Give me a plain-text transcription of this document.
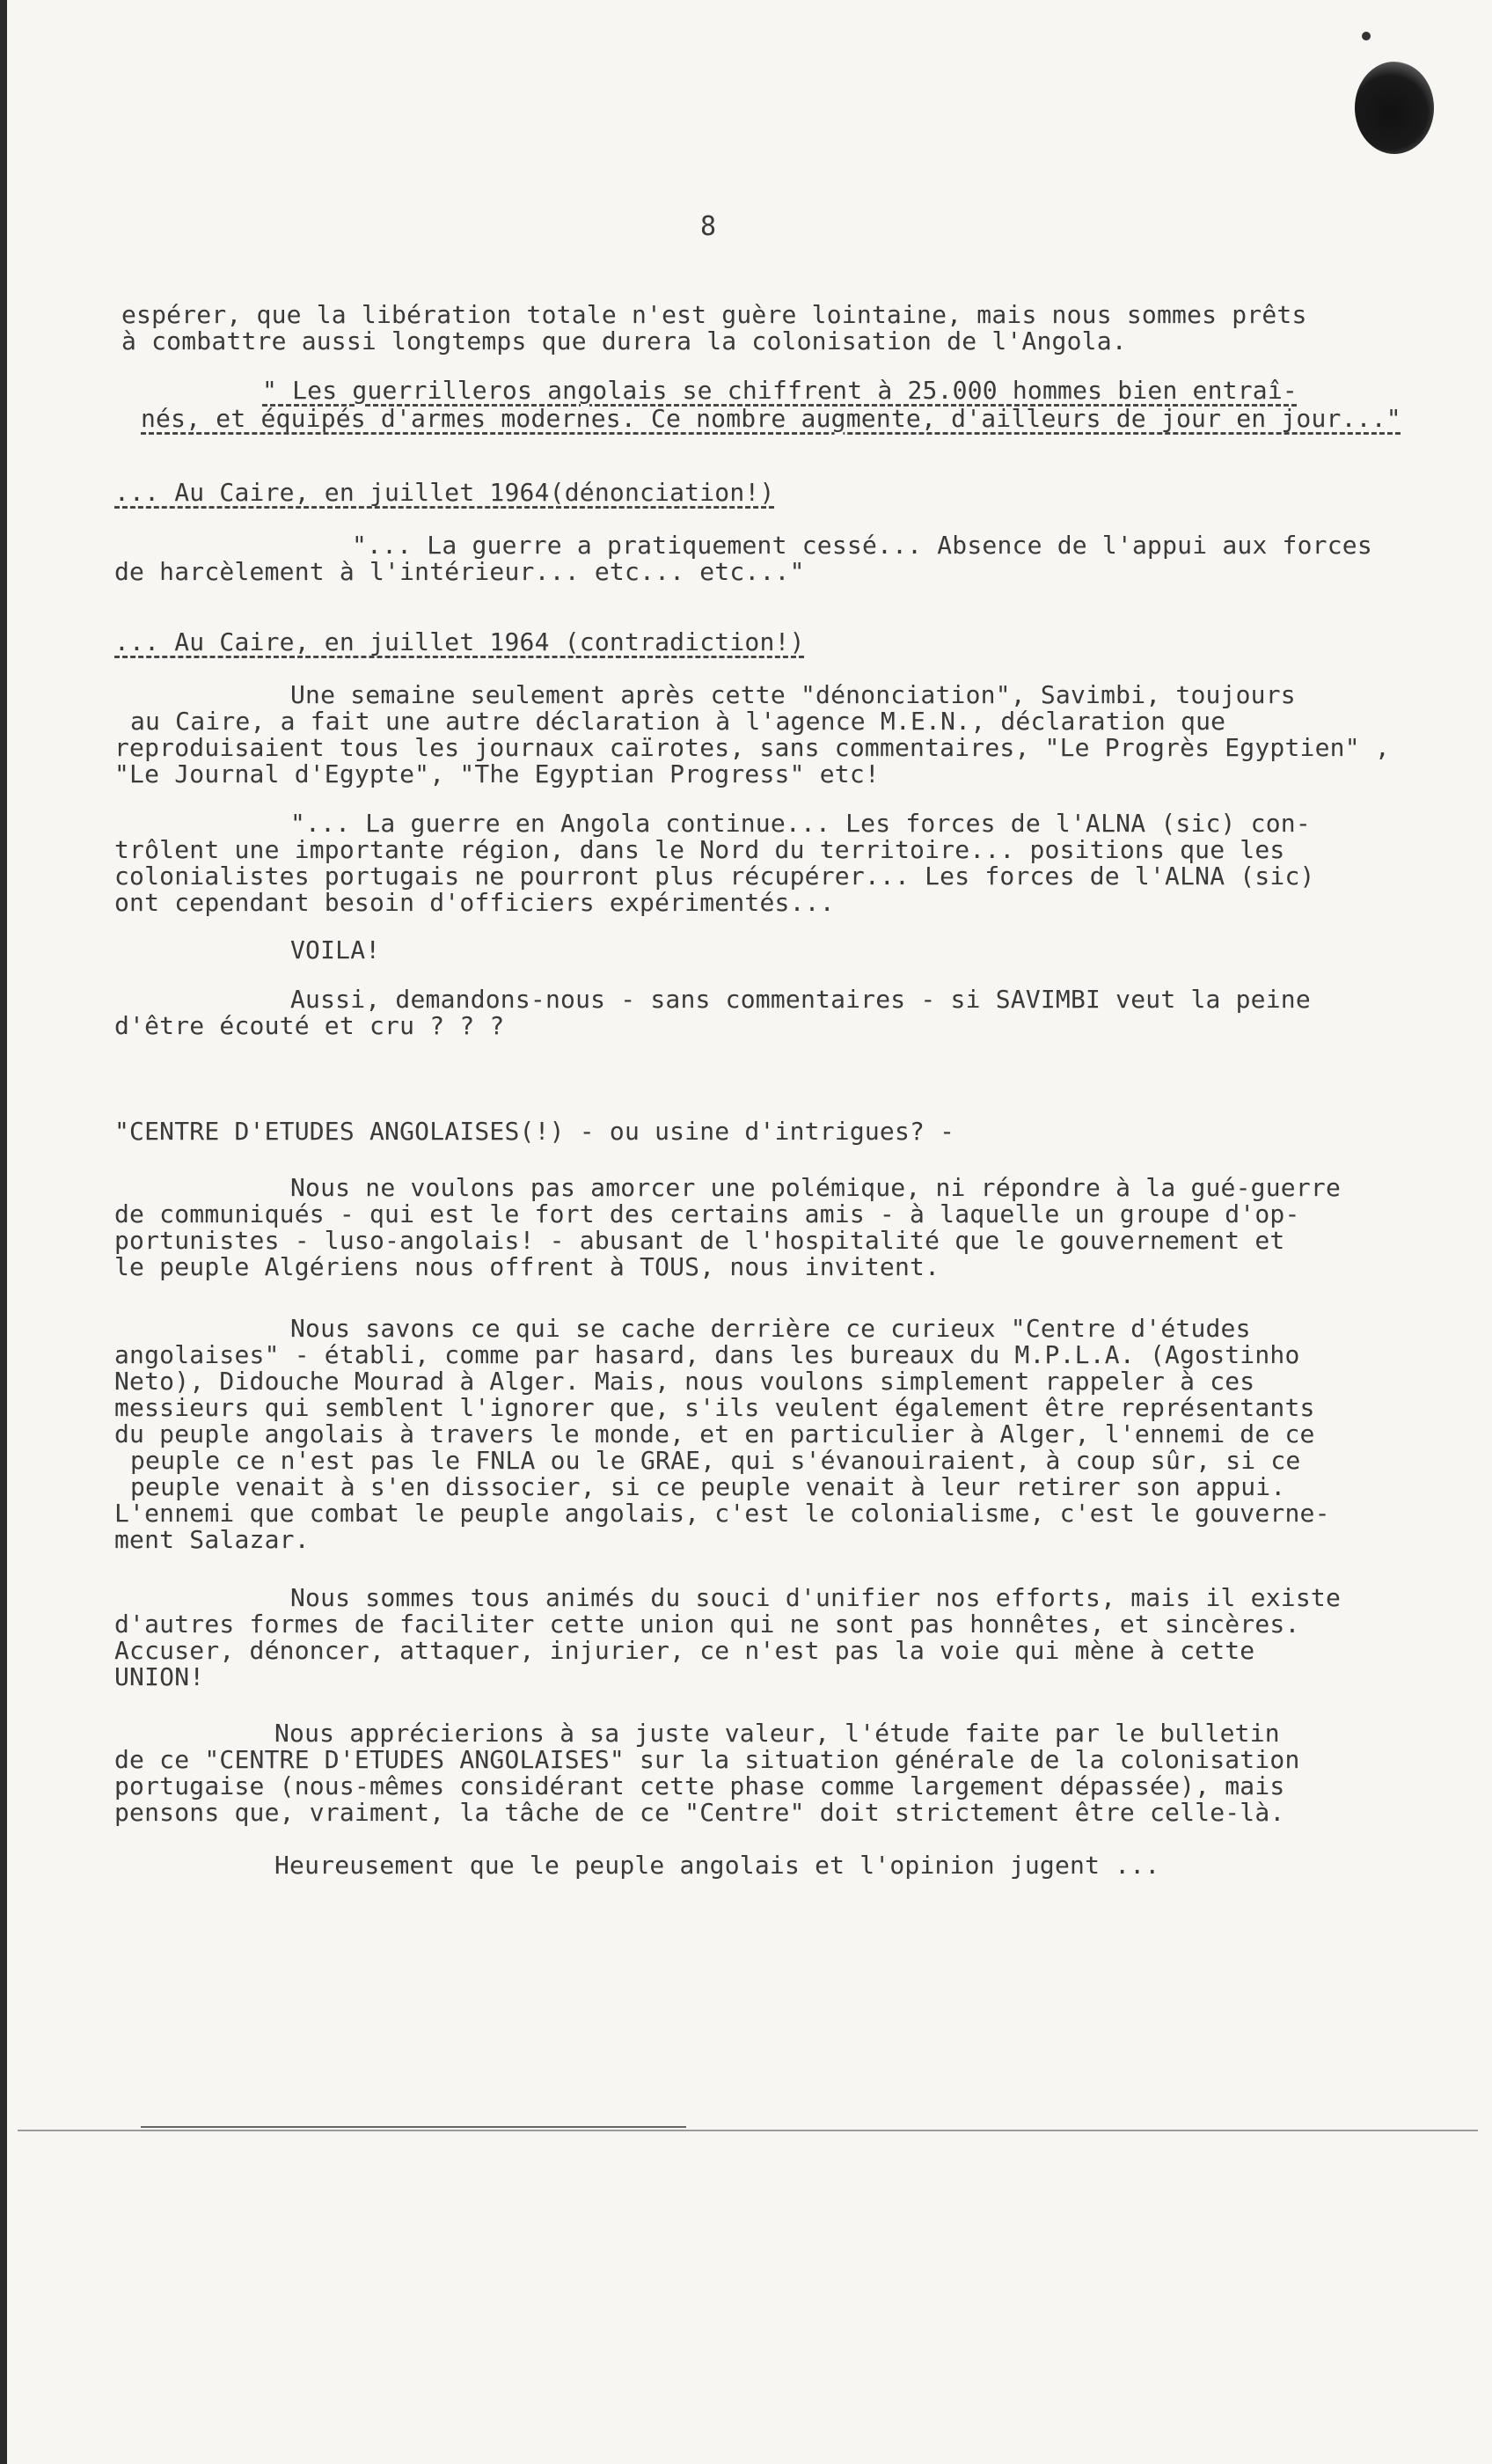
8
espérer, que la libération totale n'est guère lointaine, mais nous sommes prêts
à combattre aussi longtemps que durera la colonisation de l'Angola.
" Les guerrilleros angolais se chiffrent à 25.000 hommes bien entraî-
nés, et équipés d'armes modernes. Ce nombre augmente, d'ailleurs de jour en jour..."
... Au Caire, en juillet 1964(dénonciation!)
"... La guerre a pratiquement cessé... Absence de l'appui aux forces
de harcèlement à l'intérieur... etc... etc..."
... Au Caire, en juillet 1964 (contradiction!)
Une semaine seulement après cette "dénonciation", Savimbi, toujours
au Caire, a fait une autre déclaration à l'agence M.E.N., déclaration que
reproduisaient tous les journaux caïrotes, sans commentaires, "Le Progrès Egyptien" ,
"Le Journal d'Egypte", "The Egyptian Progress" etc!
"... La guerre en Angola continue... Les forces de l'ALNA (sic) con-
trôlent une importante région, dans le Nord du territoire... positions que les
colonialistes portugais ne pourront plus récupérer... Les forces de l'ALNA (sic)
ont cependant besoin d'officiers expérimentés...
VOILA!
Aussi, demandons-nous - sans commentaires - si SAVIMBI veut la peine
d'être écouté et cru ? ? ?
"CENTRE D'ETUDES ANGOLAISES(!) - ou usine d'intrigues? -
Nous ne voulons pas amorcer une polémique, ni répondre à la gué-guerre
de communiqués - qui est le fort des certains amis - à laquelle un groupe d'op-
portunistes - luso-angolais! - abusant de l'hospitalité que le gouvernement et
le peuple Algériens nous offrent à TOUS, nous invitent.
Nous savons ce qui se cache derrière ce curieux "Centre d'études
angolaises" - établi, comme par hasard, dans les bureaux du M.P.L.A. (Agostinho
Neto), Didouche Mourad à Alger. Mais, nous voulons simplement rappeler à ces
messieurs qui semblent l'ignorer que, s'ils veulent également être représentants
du peuple angolais à travers le monde, et en particulier à Alger, l'ennemi de ce
peuple ce n'est pas le FNLA ou le GRAE, qui s'évanouiraient, à coup sûr, si ce
peuple venait à s'en dissocier, si ce peuple venait à leur retirer son appui.
L'ennemi que combat le peuple angolais, c'est le colonialisme, c'est le gouverne-
ment Salazar.
Nous sommes tous animés du souci d'unifier nos efforts, mais il existe
d'autres formes de faciliter cette union qui ne sont pas honnêtes, et sincères.
Accuser, dénoncer, attaquer, injurier, ce n'est pas la voie qui mène à cette
UNION!
Nous apprécierions à sa juste valeur, l'étude faite par le bulletin
de ce "CENTRE D'ETUDES ANGOLAISES" sur la situation générale de la colonisation
portugaise (nous-mêmes considérant cette phase comme largement dépassée), mais
pensons que, vraiment, la tâche de ce "Centre" doit strictement être celle-là.
Heureusement que le peuple angolais et l'opinion jugent ...
